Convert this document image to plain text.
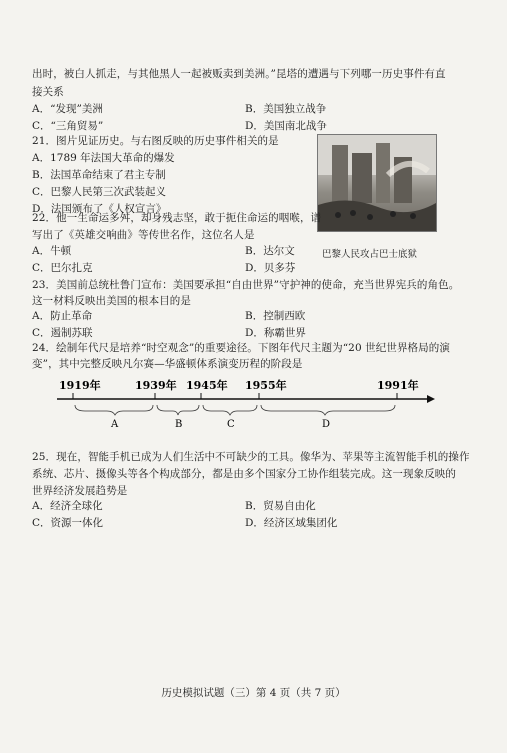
出时，被白人抓走，与其他黑人一起被贩卖到美洲。”昆塔的遭遇与下列哪一历史事件有直
接关系
A．“发现”美洲	B．美国独立战争
C．“三角贸易”	D．美国南北战争
21．图片见证历史。与右图反映的历史事件相关的是
A．1789 年法国大革命的爆发
B．法国革命结束了君主专制
C．巴黎人民第三次武装起义
D．法国颁布了《人权宣言》
巴黎人民攻占巴士底狱
22．他一生命运多舛，却身残志坚，敢于扼住命运的咽喉，谱
写出了《英雄交响曲》等传世名作，这位名人是
A．牛顿	B．达尔文
C．巴尔扎克	D．贝多芬
23．美国前总统杜鲁门宣布：美国要承担“自由世界”守护神的使命，充当世界宪兵的角色。
这一材料反映出美国的根本目的是
A．防止革命	B．控制西欧
C．遏制苏联	D．称霸世界
24．绘制年代尺是培养“时空观念”的重要途径。下图年代尺主题为“20 世纪世界格局的演
变”，其中完整反映凡尔赛—华盛顿体系演变历程的阶段是
1919年	1939年 1945年 1955年	1991年
A	B	C	D
25．现在，智能手机已成为人们生活中不可缺少的工具。像华为、苹果等主流智能手机的操作
系统、芯片、摄像头等各个构成部分，都是由多个国家分工协作组装完成。这一现象反映的
世界经济发展趋势是
A．经济全球化	B．贸易自由化
C．资源一体化	D．经济区域集团化
历史模拟试题（三）第 4 页（共 7 页）
